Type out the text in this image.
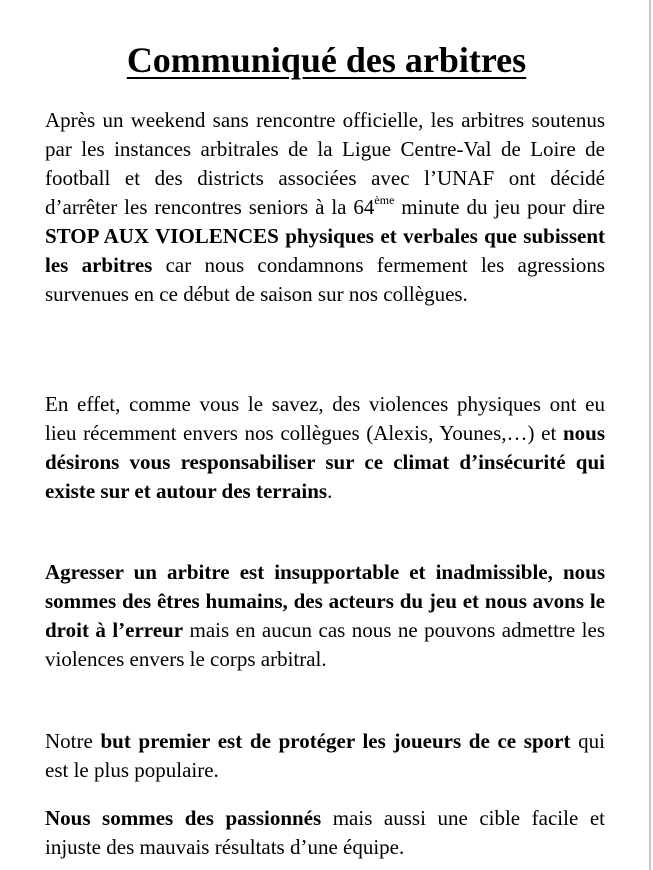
Communiqué des arbitres

Après un weekend sans rencontre officielle, les arbitres soutenus par les instances arbitrales de la Ligue Centre-Val de Loire de football et des districts associées avec l’UNAF ont décidé d’arrêter les rencontres seniors à la 64ème minute du jeu pour dire STOP AUX VIOLENCES physiques et verbales que subissent les arbitres car nous condamnons fermement les agressions survenues en ce début de saison sur nos collègues.

En effet, comme vous le savez, des violences physiques ont eu lieu récemment envers nos collègues (Alexis, Younes,…) et nous désirons vous responsabiliser sur ce climat d’insécurité qui existe sur et autour des terrains.

Agresser un arbitre est insupportable et inadmissible, nous sommes des êtres humains, des acteurs du jeu et nous avons le droit à l’erreur mais en aucun cas nous ne pouvons admettre les violences envers le corps arbitral.

Notre but premier est de protéger les joueurs de ce sport qui est le plus populaire.

Nous sommes des passionnés mais aussi une cible facile et injuste des mauvais résultats d’une équipe.
